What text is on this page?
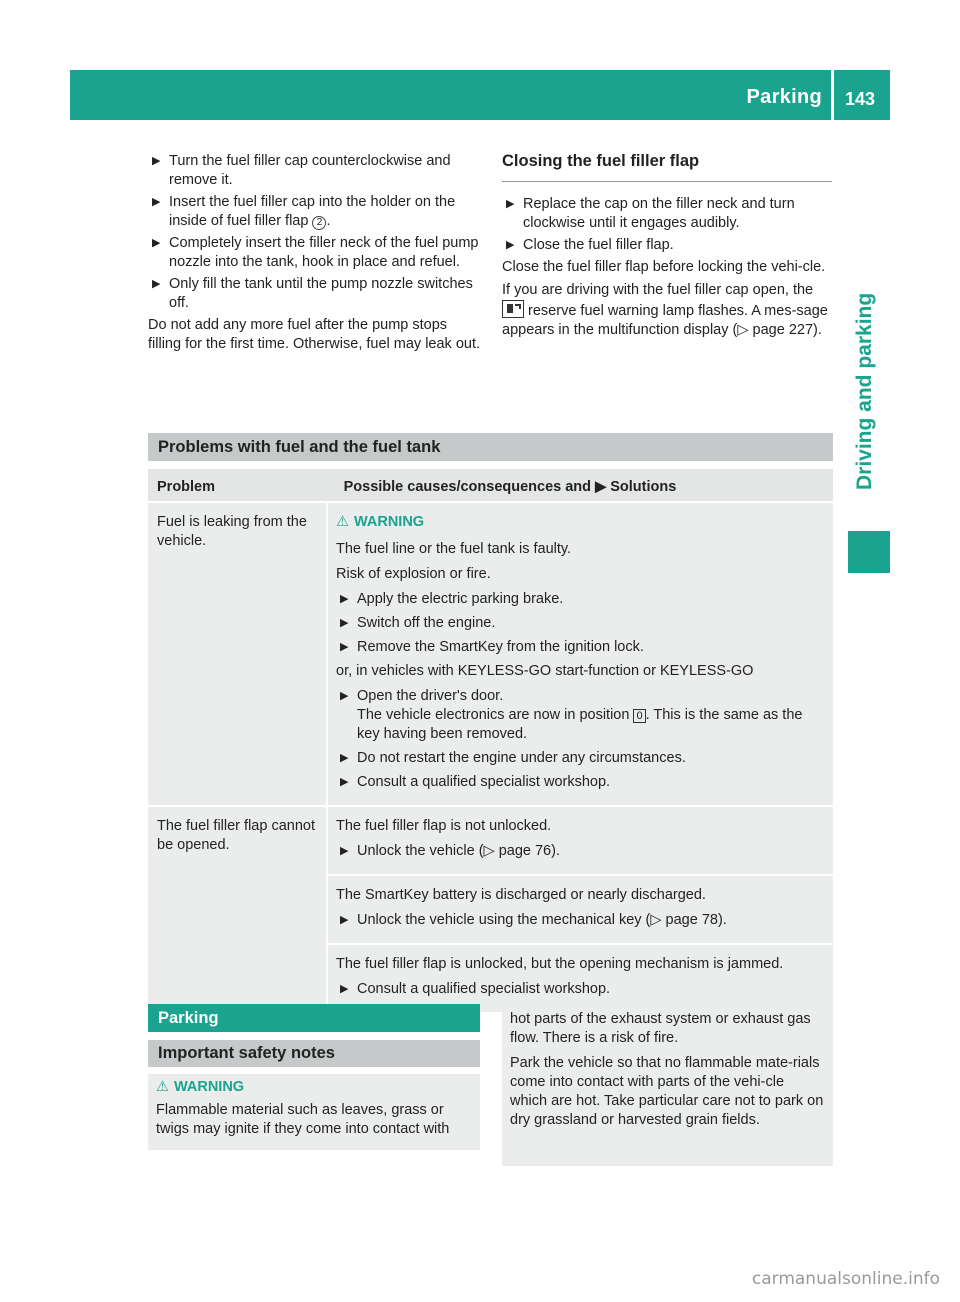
Parking 143
Driving and parking
▶ Turn the fuel filler cap counterclockwise and remove it.
▶ Insert the fuel filler cap into the holder on the inside of fuel filler flap 2 .
▶ Completely insert the filler neck of the fuel pump nozzle into the tank, hook in place and refuel.
▶ Only fill the tank until the pump nozzle switches off.

Do not add any more fuel after the pump stops filling for the first time. Otherwise, fuel may leak out.

Closing the fuel filler flap
▶ Replace the cap on the filler neck and turn clockwise until it engages audibly.
▶ Close the fuel filler flap.

Close the fuel filler flap before locking the vehi-cle.

If you are driving with the fuel filler cap open, the  reserve fuel warning lamp flashes. A mes-sage appears in the multifunction display (▷ page 227).

Problems with fuel and the fuel tank
Problem	Possible causes/consequences and ▶ Solutions
Fuel is leaking from the vehicle.
⚠ WARNING

The fuel line or the fuel tank is faulty.

Risk of explosion or fire.

▶ Apply the electric parking brake.
▶ Switch off the engine.
▶ Remove the SmartKey from the ignition lock.

or, in vehicles with KEYLESS-GO start-function or KEYLESS-GO

▶ Open the driver's door.
The vehicle electronics are now in position 0 . This is the same as the key having been removed.
▶ Do not restart the engine under any circumstances.
▶ Consult a qualified specialist workshop.
The fuel filler flap cannot be opened.

The fuel filler flap is not unlocked.

▶ Unlock the vehicle (▷ page 76).

The SmartKey battery is discharged or nearly discharged.

▶ Unlock the vehicle using the mechanical key (▷ page 78).

The fuel filler flap is unlocked, but the opening mechanism is jammed.

▶ Consult a qualified specialist workshop.
Parking
Important safety notes
⚠ WARNING

Flammable material such as leaves, grass or twigs may ignite if they come into contact with

hot parts of the exhaust system or exhaust gas flow. There is a risk of fire.

Park the vehicle so that no flammable mate-rials come into contact with parts of the vehi-cle which are hot. Take particular care not to park on dry grassland or harvested grain fields.

carmanualsonline.info
